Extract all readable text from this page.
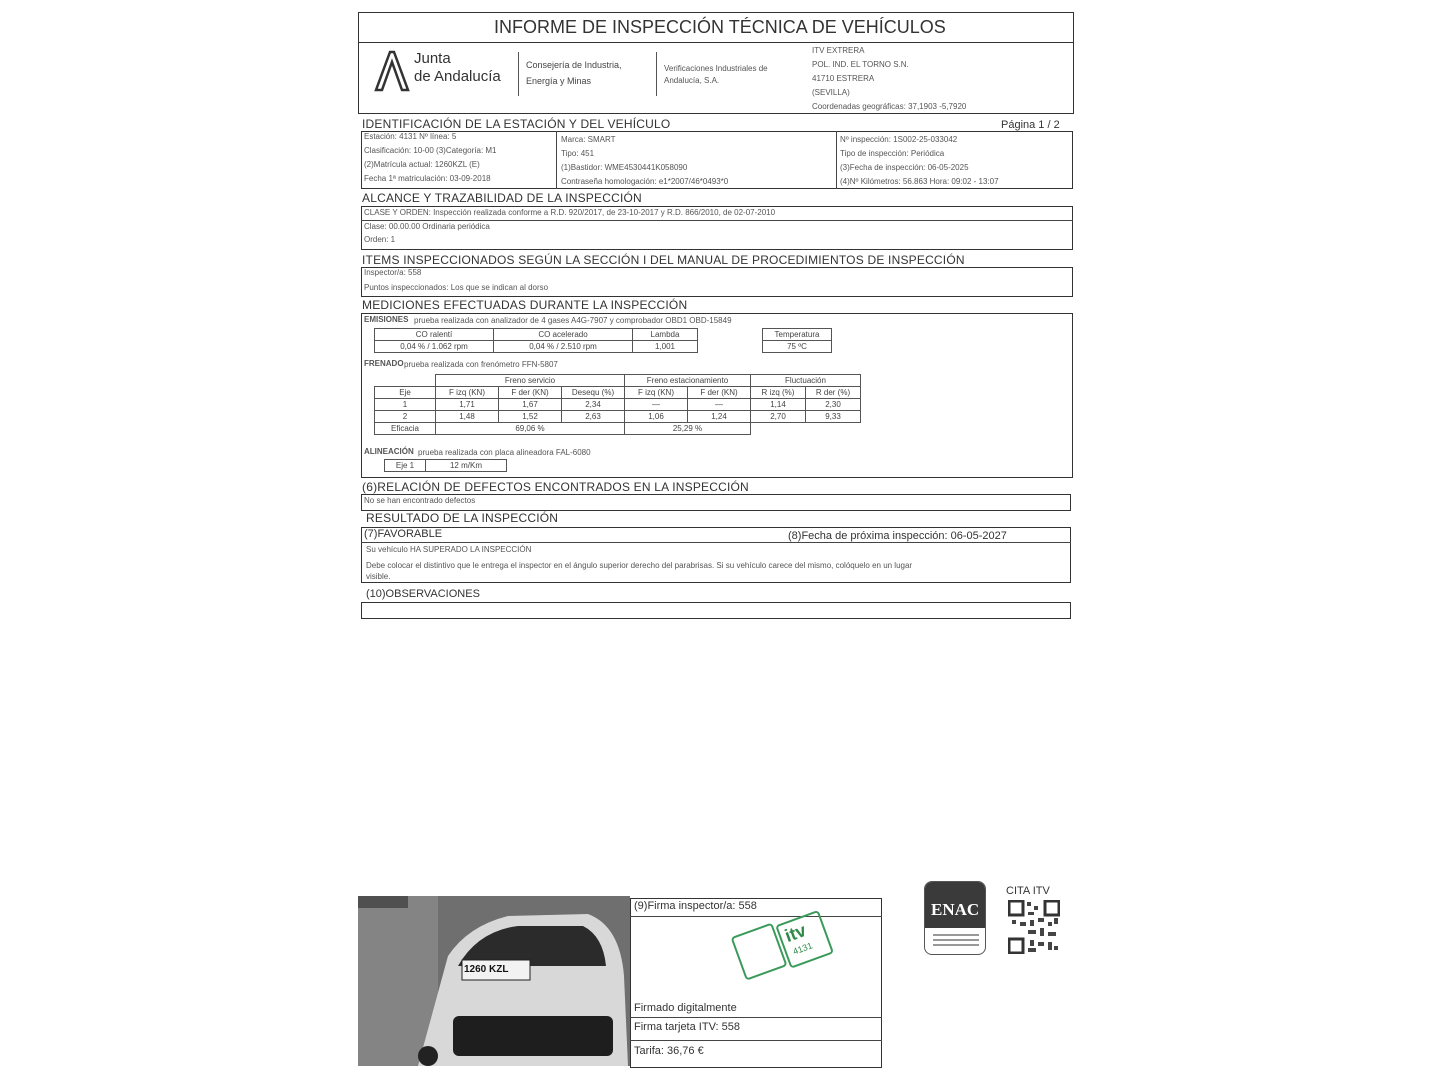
INFORME DE INSPECCIÓN TÉCNICA DE VEHÍCULOS
Junta
de Andalucía
Consejería de Industria,
Energía y Minas
Verificaciones Industriales de
Andalucía, S.A.
ITV EXTRERA
POL. IND. EL TORNO S.N.
41710 ESTRERA
(SEVILLA)
Coordenadas geográficas: 37,1903 -5,7920
IDENTIFICACIÓN DE LA ESTACIÓN Y DEL VEHÍCULO	Página 1 / 2
Estación: 4131 Nº línea: 5
Clasificación: 10-00 (3)Categoría: M1
(2)Matrícula actual: 1260KZL (E)
Fecha 1ª matriculación: 03-09-2018
Marca: SMART
Tipo: 451
(1)Bastidor: WME4530441K058090
Contraseña homologación: e1*2007/46*0493*0
Nº inspección: 1S002-25-033042
Tipo de inspección: Periódica
(3)Fecha de inspección: 06-05-2025
(4)Nº Kilómetros: 56.863 Hora: 09:02 - 13:07
ALCANCE Y TRAZABILIDAD DE LA INSPECCIÓN
CLASE Y ORDEN: Inspección realizada conforme a R.D. 920/2017, de 23-10-2017 y R.D. 866/2010, de 02-07-2010
Clase: 00.00.00 Ordinaria periódica
Orden: 1
ITEMS INSPECCIONADOS SEGÚN LA SECCIÓN I DEL MANUAL DE PROCEDIMIENTOS DE INSPECCIÓN
Inspector/a: 558
Puntos inspeccionados: Los que se indican al dorso
MEDICIONES EFECTUADAS DURANTE LA INSPECCIÓN
EMISIONES prueba realizada con analizador de 4 gases A4G-7907 y comprobador OBD1 OBD-15849
CO ralentí	CO acelerado	Lambda		Temperatura
0,04 % / 1.062 rpm	0,04 % / 2.510 rpm	1,001		75 ºC
FRENADO prueba realizada con frenómetro FFN-5807
	Freno servicio			Freno estacionamiento		Fluctuación	
Eje	F izq (KN)	F der (KN)	Desequ (%)	F izq (KN)	F der (KN)	R izq (%)	R der (%)
1	1,71	1,67	2,34	—	—	1,14	2,30
2	1,48	1,52	2,63	1,06	1,24	2,70	9,33
Eficacia	69,06 %			25,29 %			
ALINEACIÓN prueba realizada con placa alineadora FAL-6080
Eje 1	12 m/Km
(6)RELACIÓN DE DEFECTOS ENCONTRADOS EN LA INSPECCIÓN
No se han encontrado defectos
RESULTADO DE LA INSPECCIÓN
(7)FAVORABLE	(8)Fecha de próxima inspección: 06-05-2027
Su vehículo HA SUPERADO LA INSPECCIÓN
Debe colocar el distintivo que le entrega el inspector en el ángulo superior derecho del parabrisas. Si su vehículo carece del mismo, colóquelo en un lugar
visible.
(10)OBSERVACIONES
1260 KZL
(9)Firma inspector/a: 558
itv
4131
Firmado digitalmente
Firma tarjeta ITV: 558
Tarifa: 36,76 €
ENAC
CITA ITV
